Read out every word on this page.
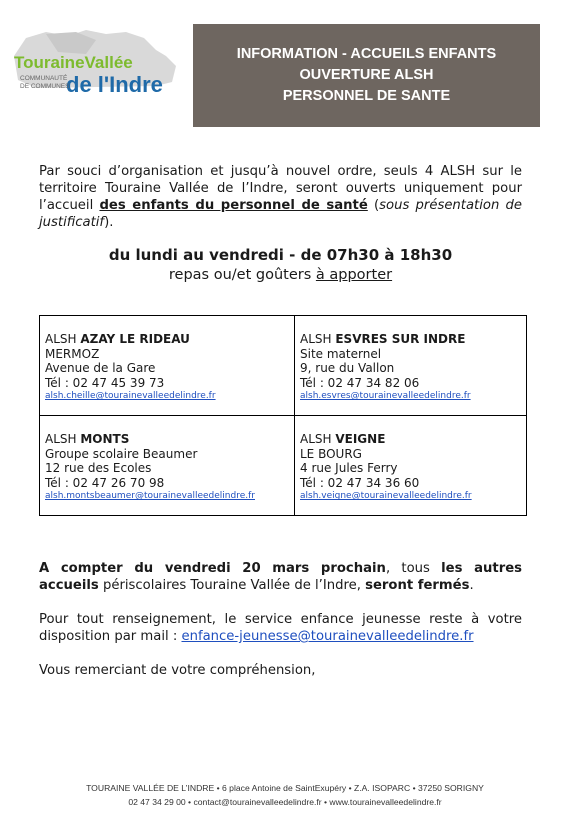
TouraineVallée
de l'Indre
COMMUNAUTÉ
DE COMMUNES
INFORMATION - ACCUEILS ENFANTS
OUVERTURE ALSH
PERSONNEL DE SANTE
Par souci d’organisation et jusqu’à nouvel ordre, seuls 4 ALSH sur le territoire Touraine Vallée de l’Indre, seront ouverts uniquement pour l’accueil des enfants du personnel de santé (sous présentation de justificatif).
du lundi au vendredi - de 07h30 à 18h30
repas ou/et goûters à apporter
ALSH AZAY LE RIDEAU
MERMOZ
Avenue de la Gare
Tél : 02 47 45 39 73
alsh.cheille@tourainevalleedelindre.fr
ALSH ESVRES SUR INDRE
Site maternel
9, rue du Vallon
Tél : 02 47 34 82 06
alsh.esvres@tourainevalleedelindre.fr
ALSH MONTS
Groupe scolaire Beaumer
12 rue des Ecoles
Tél : 02 47 26 70 98
alsh.montsbeaumer@tourainevalleedelindre.fr
ALSH VEIGNE
LE BOURG
4 rue Jules Ferry
Tél : 02 47 34 36 60
alsh.veigne@tourainevalleedelindre.fr
A compter du vendredi 20 mars prochain, tous les autres accueils périscolaires Touraine Vallée de l’Indre, seront fermés.
Pour tout renseignement, le service enfance jeunesse reste à votre disposition par mail : enfance-jeunesse@tourainevalleedelindre.fr
Vous remerciant de votre compréhension,
TOURAINE VALLÉE DE L’INDRE • 6 place Antoine de SaintExupéry • Z.A. ISOPARC • 37250 SORIGNY
02 47 34 29 00 • contact@tourainevalleedelindre.fr • www.tourainevalleedelindre.fr
